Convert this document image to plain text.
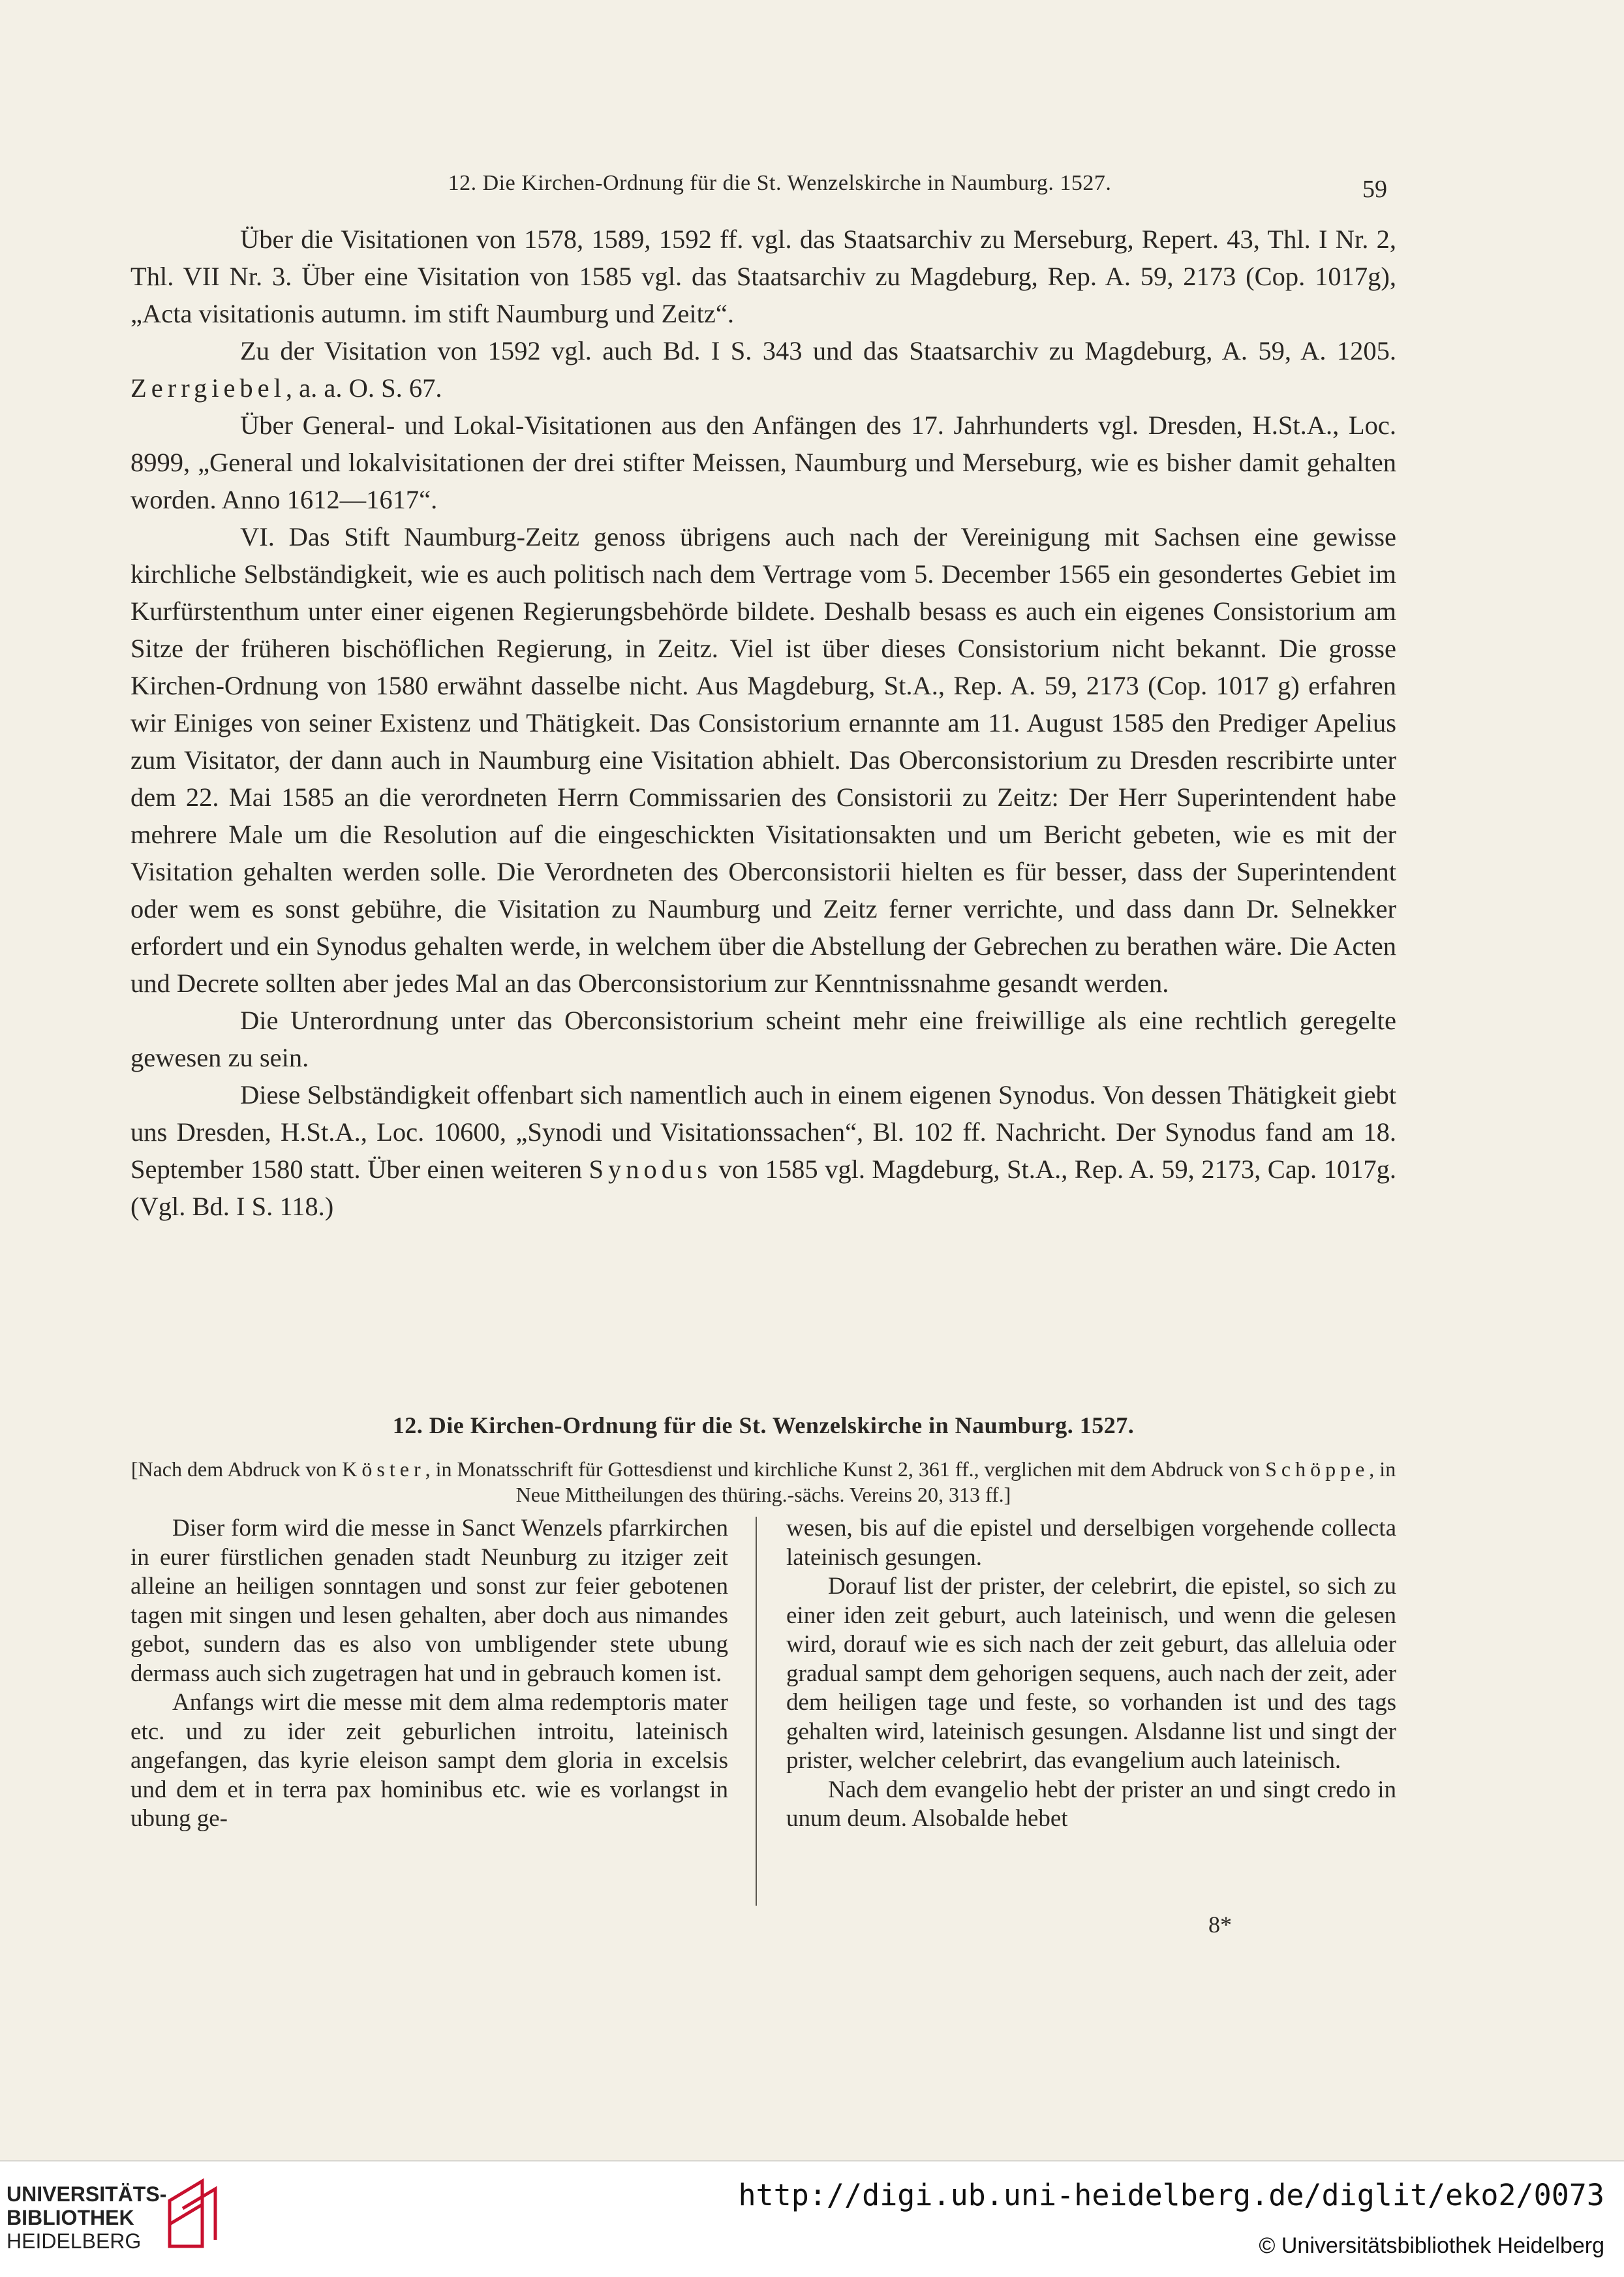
12. Die Kirchen-Ordnung für die St. Wenzelskirche in Naumburg. 1527.	59

Über die Visitationen von 1578, 1589, 1592 ff. vgl. das Staatsarchiv zu Merseburg, Repert. 43, Thl. I Nr. 2, Thl. VII Nr. 3. Über eine Visitation von 1585 vgl. das Staatsarchiv zu Magdeburg, Rep. A. 59, 2173 (Cop. 1017g), „Acta visitationis autumn. im stift Naumburg und Zeitz“.

Zu der Visitation von 1592 vgl. auch Bd. I S. 343 und das Staatsarchiv zu Magdeburg, A. 59, A. 1205. Zerrgiebel, a. a. O. S. 67.

Über General- und Lokal-Visitationen aus den Anfängen des 17. Jahrhunderts vgl. Dresden, H.St.A., Loc. 8999, „General und lokalvisitationen der drei stifter Meissen, Naumburg und Merseburg, wie es bisher damit gehalten worden. Anno 1612—1617“.

VI. Das Stift Naumburg-Zeitz genoss übrigens auch nach der Vereinigung mit Sachsen eine gewisse kirchliche Selbständigkeit, wie es auch politisch nach dem Vertrage vom 5. December 1565 ein gesondertes Gebiet im Kurfürstenthum unter einer eigenen Regierungsbehörde bildete. Deshalb besass es auch ein eigenes Consistorium am Sitze der früheren bischöflichen Regierung, in Zeitz. Viel ist über dieses Consistorium nicht bekannt. Die grosse Kirchen-Ordnung von 1580 erwähnt dasselbe nicht. Aus Magdeburg, St.A., Rep. A. 59, 2173 (Cop. 1017 g) erfahren wir Einiges von seiner Existenz und Thätigkeit. Das Consistorium ernannte am 11. August 1585 den Prediger Apelius zum Visitator, der dann auch in Naumburg eine Visitation abhielt. Das Oberconsistorium zu Dresden rescribirte unter dem 22. Mai 1585 an die verordneten Herrn Commissarien des Consistorii zu Zeitz: Der Herr Superintendent habe mehrere Male um die Resolution auf die eingeschickten Visitationsakten und um Bericht gebeten, wie es mit der Visitation gehalten werden solle. Die Verordneten des Oberconsistorii hielten es für besser, dass der Superintendent oder wem es sonst gebühre, die Visitation zu Naumburg und Zeitz ferner verrichte, und dass dann Dr. Selnekker erfordert und ein Synodus gehalten werde, in welchem über die Abstellung der Gebrechen zu berathen wäre. Die Acten und Decrete sollten aber jedes Mal an das Oberconsistorium zur Kenntnissnahme gesandt werden.

Die Unterordnung unter das Oberconsistorium scheint mehr eine freiwillige als eine rechtlich geregelte gewesen zu sein.

Diese Selbständigkeit offenbart sich namentlich auch in einem eigenen Synodus. Von dessen Thätigkeit giebt uns Dresden, H.St.A., Loc. 10600, „Synodi und Visitationssachen“, Bl. 102 ff. Nachricht. Der Synodus fand am 18. September 1580 statt. Über einen weiteren Synodus von 1585 vgl. Magdeburg, St.A., Rep. A. 59, 2173, Cap. 1017g. (Vgl. Bd. I S. 118.)

12. Die Kirchen-Ordnung für die St. Wenzelskirche in Naumburg. 1527.
[Nach dem Abdruck von Köster, in Monatsschrift für Gottesdienst und kirchliche Kunst 2, 361 ff., verglichen mit dem Abdruck von Schöppe, in Neue Mittheilungen des thüring.-sächs. Vereins 20, 313 ff.]

Diser form wird die messe in Sanct Wenzels pfarrkirchen in eurer fürstlichen genaden stadt Neunburg zu itziger zeit alleine an heiligen sonntagen und sonst zur feier gebotenen tagen mit singen und lesen gehalten, aber doch aus nimandes gebot, sundern das es also von umbligender stete ubung dermass auch sich zugetragen hat und in gebrauch komen ist.

Anfangs wirt die messe mit dem alma redemptoris mater etc. und zu ider zeit geburlichen introitu, lateinisch angefangen, das kyrie eleison sampt dem gloria in excelsis und dem et in terra pax hominibus etc. wie es vorlangst in ubung ge-

wesen, bis auf die epistel und derselbigen vorgehende collecta lateinisch gesungen.

Dorauf list der prister, der celebrirt, die epistel, so sich zu einer iden zeit geburt, auch lateinisch, und wenn die gelesen wird, dorauf wie es sich nach der zeit geburt, das alleluia oder gradual sampt dem gehorigen sequens, auch nach der zeit, ader dem heiligen tage und feste, so vorhanden ist und des tags gehalten wird, lateinisch gesungen. Alsdanne list und singt der prister, welcher celebrirt, das evangelium auch lateinisch.

Nach dem evangelio hebt der prister an und singt credo in unum deum. Alsobalde hebet

8*
UNIVERSITÄTS-
BIBLIOTHEK
HEIDELBERG
http://digi.ub.uni-heidelberg.de/diglit/eko2/0073
© Universitätsbibliothek Heidelberg
